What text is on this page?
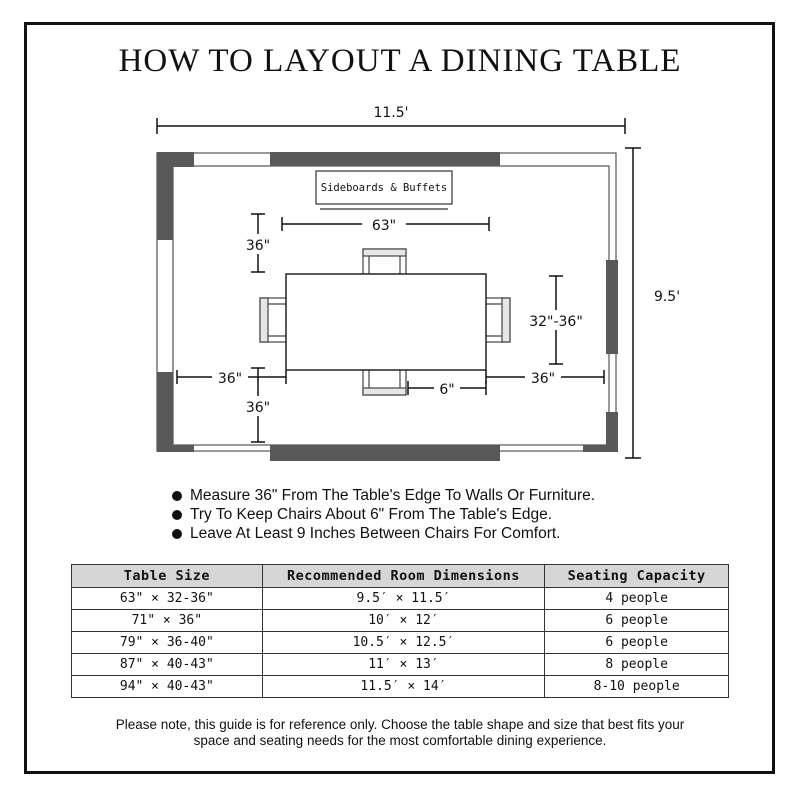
HOW TO LAYOUT A DINING TABLE
11.5'
9.5'
Sideboards & Buffets
63"
36"
36"
36"	36"
32"-36"
6"
Measure 36" From The Table's Edge To Walls Or Furniture.
Try To Keep Chairs About 6" From The Table's Edge.
Leave At Least 9 Inches Between Chairs For Comfort.
Table Size	Recommended Room Dimensions	Seating Capacity
63" × 32-36"	9.5′ × 11.5′	4 people
71" × 36"	10′ × 12′	6 people
79" × 36-40"	10.5′ × 12.5′	6 people
87" × 40-43"	11′ × 13′	8 people
94" × 40-43"	11.5′ × 14′	8-10 people

Please note, this guide is for reference only. Choose the table shape and size that best fits your
space and seating needs for the most comfortable dining experience.
